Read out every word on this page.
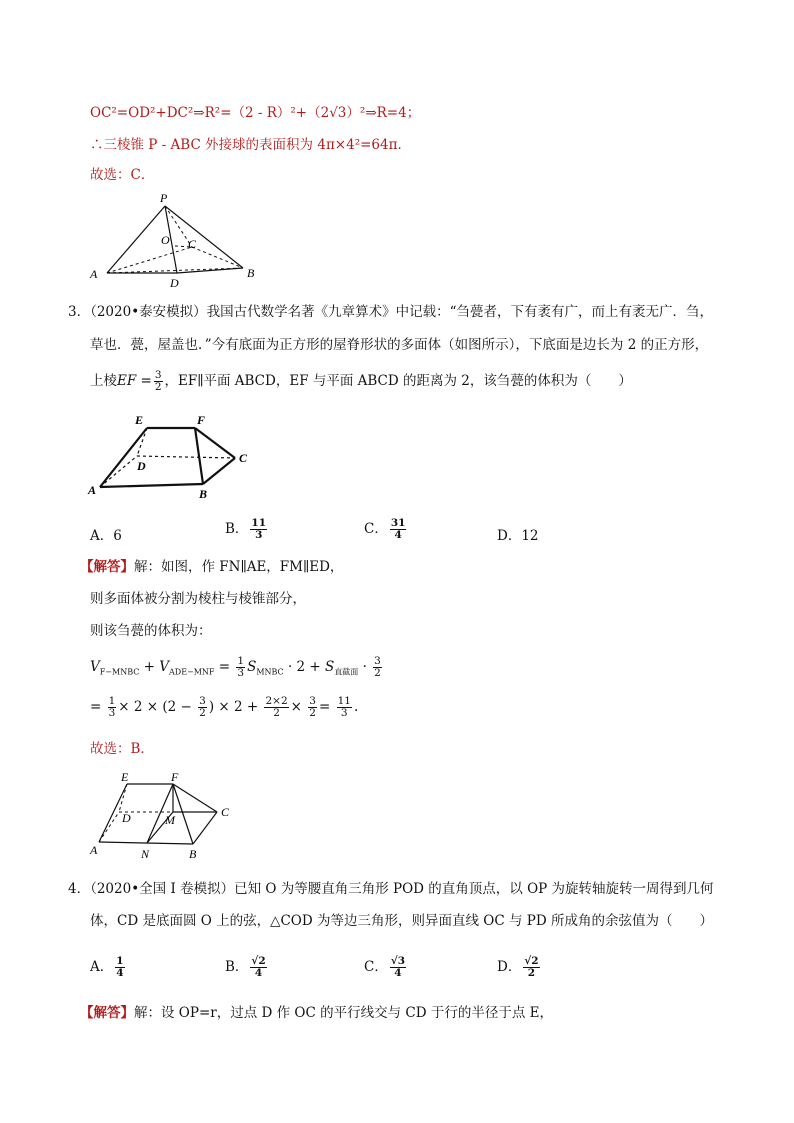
OC²=OD²+DC²⇒R²=（2 - R）²+（2√3）²⇒R=4；
∴三棱锥 P - ABC 外接球的表面积为 4π×4²=64π．
故选：C．
P
O C
A
D
B
3．（2020•泰安模拟）我国古代数学名著《九章算术》中记载：“刍甍者，下有袤有广，而上有袤无广．刍，
草也．甍，屋盖也．”今有底面为正方形的屋脊形状的多面体（如图所示），下底面是边长为 2 的正方形，
上棱EF = $\frac{3}{2}$ ，EF∥平面 ABCD，EF 与平面 ABCD 的距离为 2，该刍甍的体积为（　　）
E	F
D
C
A	B
A．6	B． $\frac{11}{3}$	C． $\frac{31}{4}$	D．12
【解答】解：如图，作 FN∥AE，FM∥ED，
则多面体被分割为棱柱与棱锥部分，
则该刍甍的体积为：
$V_{F-MNBC} + V_{ADE-MNF} = \frac{1}{3} S_{MNBC} \cdot 2 + S_{直截面} \cdot \frac{3}{2}$
= $\frac{1}{3} \times 2 \times (2 - \frac{3}{2}$ ) × $2 + \frac{2\times 2}{2} \times \frac{3}{2} = \frac{11}{3}$ .
故选：B．
E	F
D	M
C
A	N	B
4．（2020•全国 I 卷模拟）已知 O 为等腰直角三角形 POD 的直角顶点，以 OP 为旋转轴旋转一周得到几何
体，CD 是底面圆 O 上的弦，△COD 为等边三角形，则异面直线 OC 与 PD 所成角的余弦值为（　　）
A． $\frac{1}{4}$	B． $\frac{√2}{4}$	C． $\frac{√3}{4}$	D． $\frac{√2}{2}$
【解答】解：设 OP=r，过点 D 作 OC 的平行线交与 CD 于行的半径于点 E，
